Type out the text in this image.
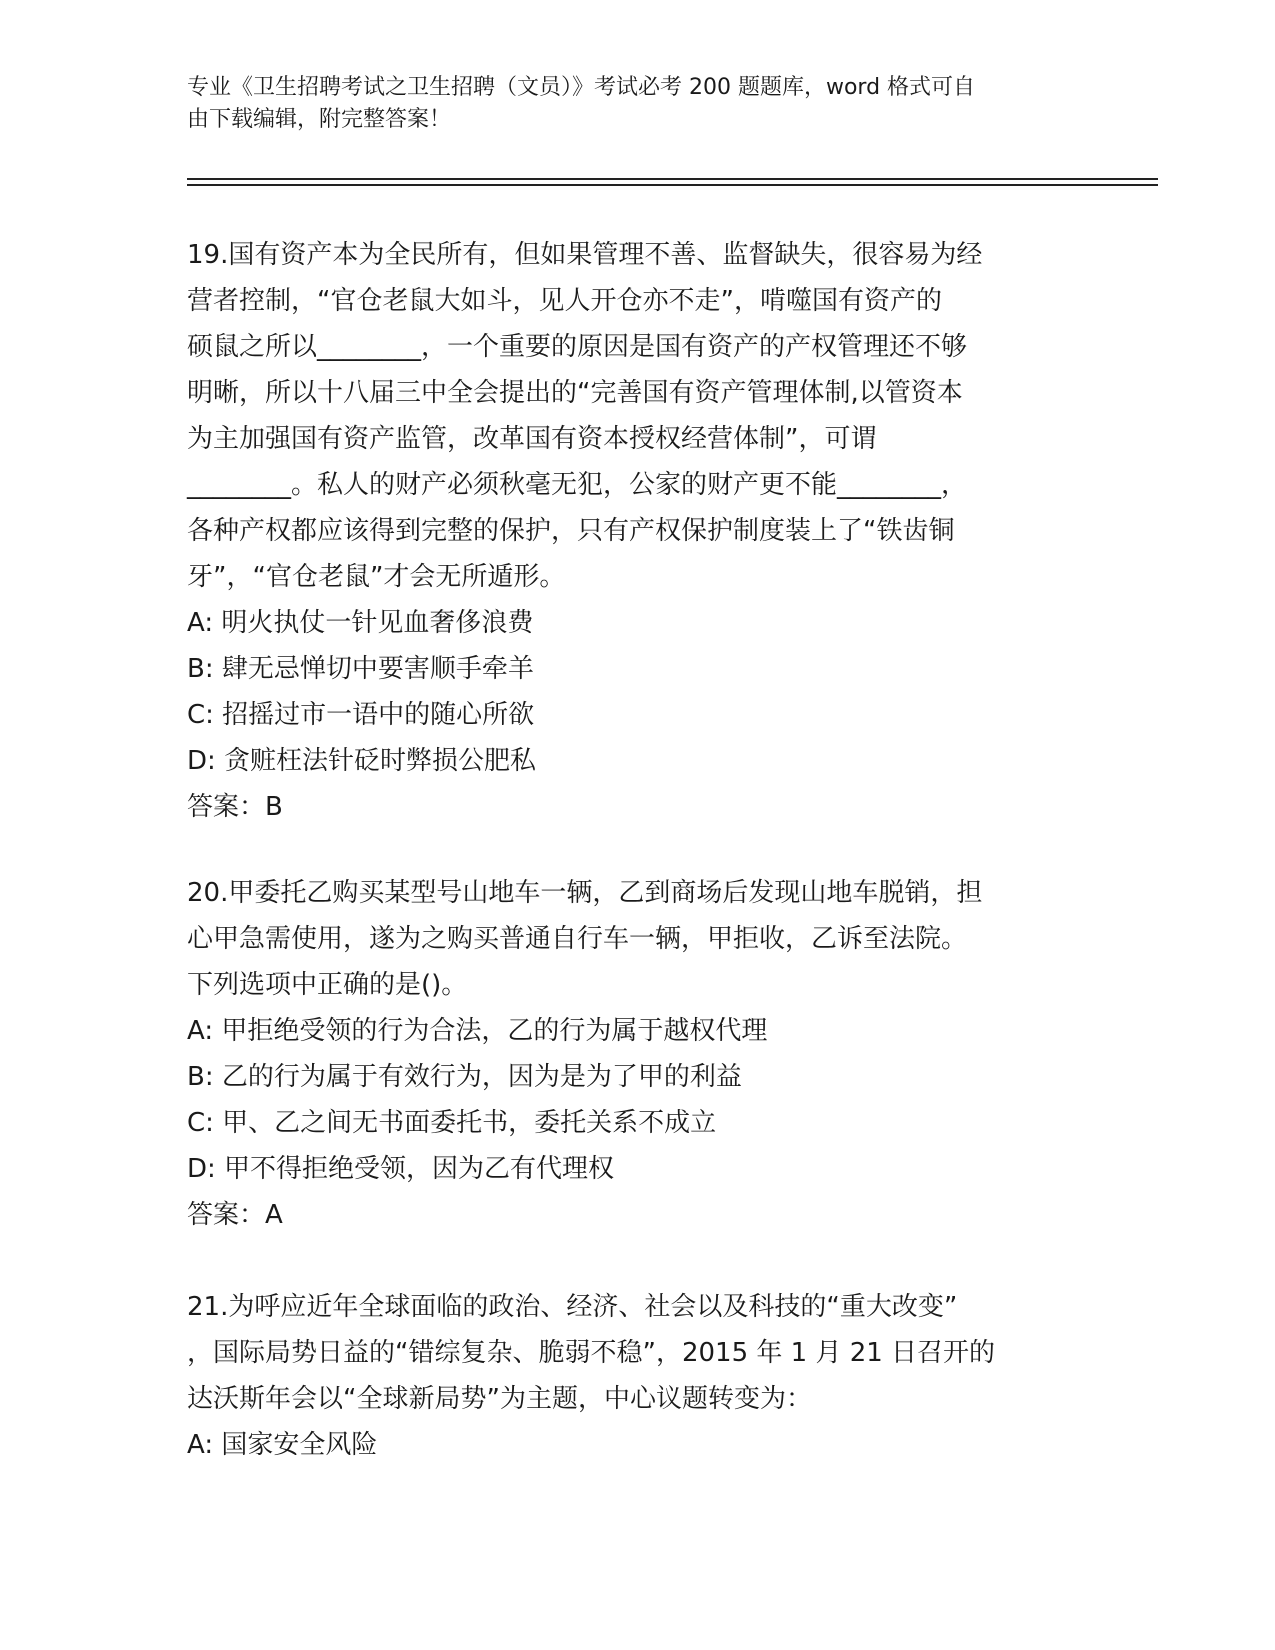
专业《卫生招聘考试之卫生招聘（文员）》考试必考 200 题题库，word 格式可自
由下载编辑，附完整答案！
19.国有资产本为全民所有，但如果管理不善、监督缺失，很容易为经
营者控制，“官仓老鼠大如斗，见人开仓亦不走”，啃噬国有资产的
硕鼠之所以________，一个重要的原因是国有资产的产权管理还不够
明晰，所以十八届三中全会提出的“完善国有资产管理体制,以管资本
为主加强国有资产监管，改革国有资本授权经营体制”，可谓
________。私人的财产必须秋毫无犯，公家的财产更不能________，
各种产权都应该得到完整的保护，只有产权保护制度装上了“铁齿铜
牙”，“官仓老鼠”才会无所遁形。
A: 明火执仗一针见血奢侈浪费
B: 肆无忌惮切中要害顺手牵羊
C: 招摇过市一语中的随心所欲
D: 贪赃枉法针砭时弊损公肥私
答案：B
20.甲委托乙购买某型号山地车一辆，乙到商场后发现山地车脱销，担
心甲急需使用，遂为之购买普通自行车一辆，甲拒收，乙诉至法院。
下列选项中正确的是()。
A: 甲拒绝受领的行为合法，乙的行为属于越权代理
B: 乙的行为属于有效行为，因为是为了甲的利益
C: 甲、乙之间无书面委托书，委托关系不成立
D: 甲不得拒绝受领，因为乙有代理权
答案：A
21.为呼应近年全球面临的政治、经济、社会以及科技的“重大改变”
，国际局势日益的“错综复杂、脆弱不稳”，2015 年 1 月 21 日召开的
达沃斯年会以“全球新局势”为主题，中心议题转变为：
A: 国家安全风险
